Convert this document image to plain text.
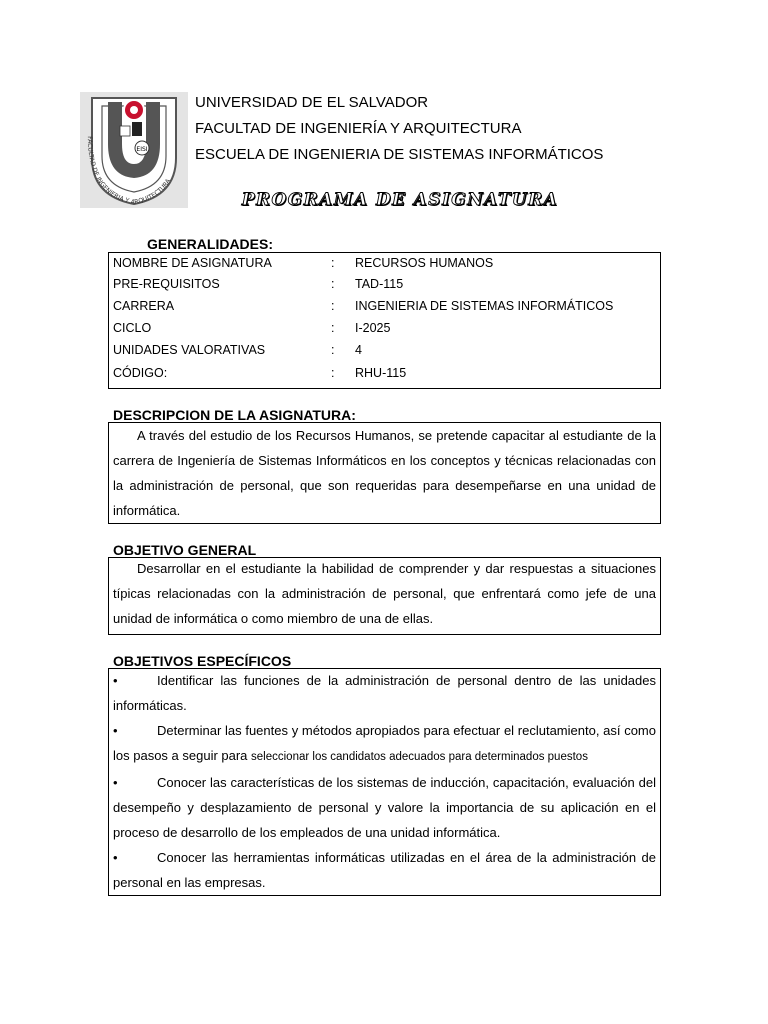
EISI
FACULTAD DE INGENIERIA Y ARQUITECTURA
UNIVERSIDAD DE EL SALVADOR
FACULTAD DE INGENIERÍA Y ARQUITECTURA
ESCUELA DE INGENIERIA DE SISTEMAS INFORMÁTICOS
PROGRAMA DE ASIGNATURA
GENERALIDADES:
NOMBRE DE ASIGNATURA	: RECURSOS HUMANOS
PRE-REQUISITOS	: TAD-115
CARRERA	: INGENIERIA DE SISTEMAS INFORMÁTICOS
CICLO	: I-2025
UNIDADES VALORATIVAS	: 4
CÓDIGO:	: RHU-115
DESCRIPCION DE LA ASIGNATURA:

A través del estudio de los Recursos Humanos, se pretende capacitar al estudiante de la carrera de Ingeniería de Sistemas Informáticos en los conceptos y técnicas relacionadas con la administración de personal, que son requeridas para desempeñarse en una unidad de informática.

OBJETIVO GENERAL

Desarrollar en el estudiante la habilidad de comprender y dar respuestas a situaciones típicas relacionadas con la administración de personal, que enfrentará como jefe de una unidad de informática o como miembro de una de ellas.

OBJETIVOS ESPECÍFICOS

•	Identificar las funciones de la administración de personal dentro de las unidades informáticas.

•	Determinar las fuentes y métodos apropiados para efectuar el reclutamiento, así como los pasos a seguir para seleccionar los candidatos adecuados para determinados puestos

•	Conocer las características de los sistemas de inducción, capacitación, evaluación del desempeño y desplazamiento de personal y valore la importancia de su aplicación en el proceso de desarrollo de los empleados de una unidad informática.

•	Conocer las herramientas informáticas utilizadas en el área de la administración de personal en las empresas.
